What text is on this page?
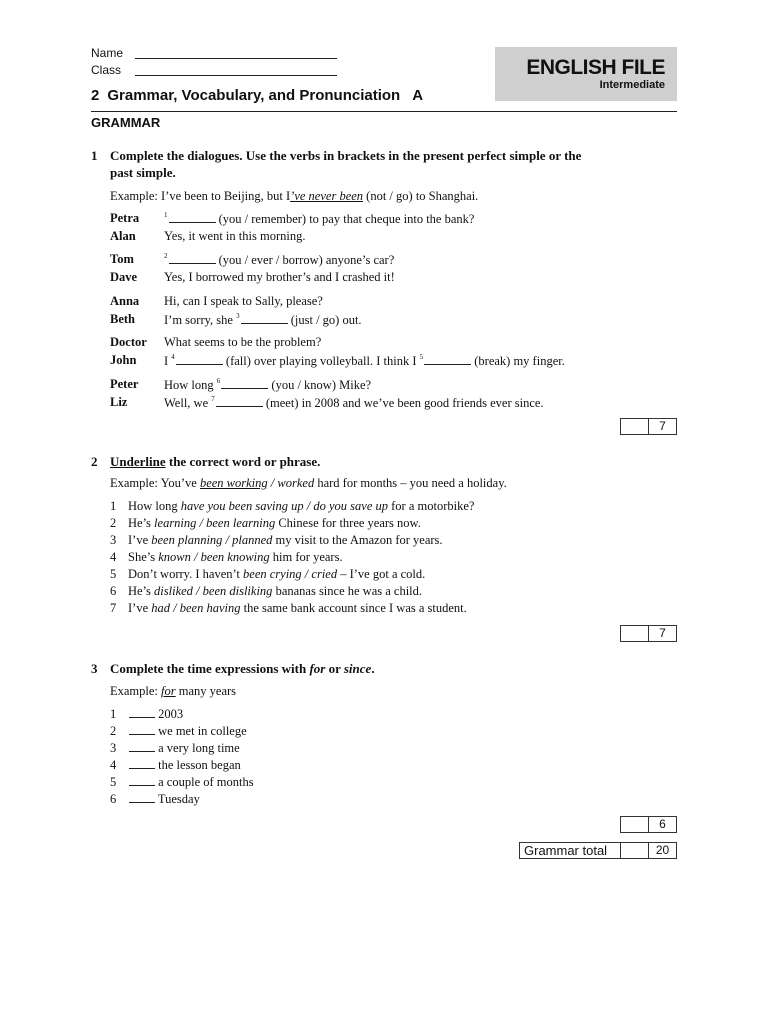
Name
Class	ENGLISH FILE
Intermediate
2 Grammar, Vocabulary, and Pronunciation A
GRAMMAR
1 Complete the dialogues. Use the verbs in brackets in the present perfect simple or the
past simple.
Example: I’ve been to Beijing, but I’ve never been (not / go) to Shanghai.
Petra	$^1$	(you / remember) to pay that cheque into the bank?
Alan Yes, it went in this morning.
Tom	$^2$	(you / ever / borrow) anyone’s car?
Dave Yes, I borrowed my brother’s and I crashed it!
Anna Hi, can I speak to Sally, please?
Beth I’m sorry, she $^3$	(just / go) out.
Doctor What seems to be the problem?
John I $^4$	(fall) over playing volleyball. I think I $^5$	(break) my finger.
Peter How long $^6$	(you / know) Mike?
Liz	Well, we $^7$	(meet) in 2008 and we’ve been good friends ever since.
7
2 Underline the correct word or phrase.
Example: You’ve been working / worked hard for months – you need a holiday.
1 How long have you been saving up / do you save up for a motorbike?
2 He’s learning / been learning Chinese for three years now.
3 I’ve been planning / planned my visit to the Amazon for years.
4 She’s known / been knowing him for years.
5 Don’t worry. I haven’t been crying / cried – I’ve got a cold.
6 He’s disliked / been disliking bananas since he was a child.
7 I’ve had / been having the same bank account since I was a student.
7
3 Complete the time expressions with for or since.
Example: for many years
1	2003
2	we met in college
3	a very long time
4	the lesson began
5	a couple of months
6	Tuesday
6
Grammar total	20
